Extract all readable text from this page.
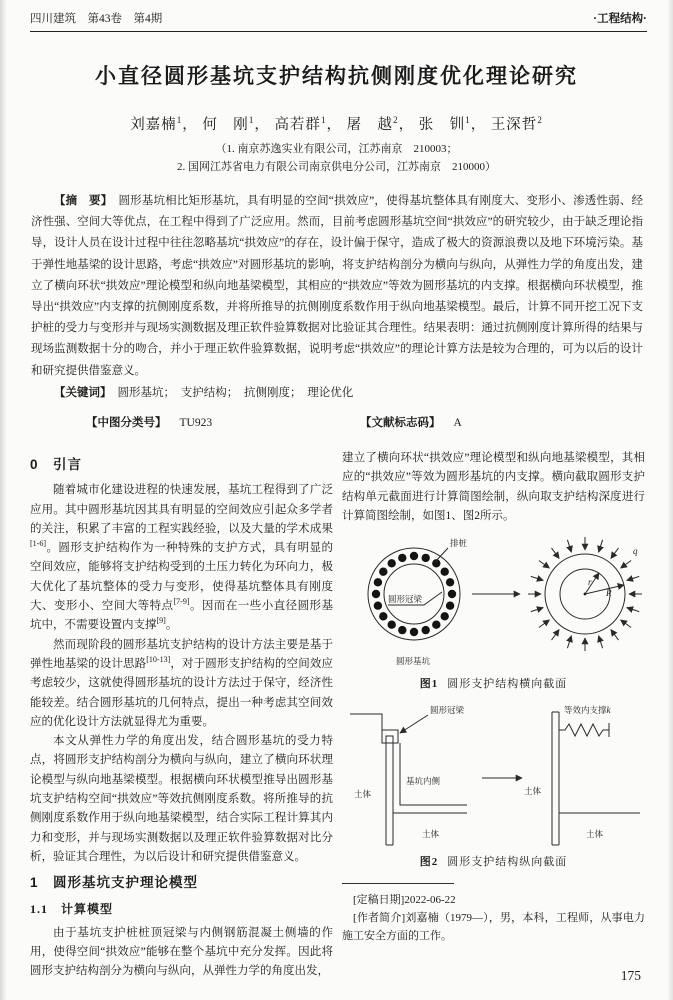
四川建筑　第43卷　第4期	·工程结构·
小直径圆形基坑支护结构抗侧刚度优化理论研究
刘嘉楠$^1$， 何　刚$^1$， 高若群$^1$， 屠　越$^2$， 张　钏$^1$， 王深哲$^2$
（1. 南京苏逸实业有限公司，江苏南京　210003；
2. 国网江苏省电力有限公司南京供电分公司，江苏南京　210000）

【摘　要】 圆形基坑相比矩形基坑，具有明显的空间“拱效应”，使得基坑整体具有刚度大、变形小、渗透性弱、经济性强、空间大等优点，在工程中得到了广泛应用。然而，目前考虑圆形基坑空间“拱效应”的研究较少，由于缺乏理论指导，设计人员在设计过程中往往忽略基坑“拱效应”的存在，设计偏于保守，造成了极大的资源浪费以及地下环境污染。基于弹性地基梁的设计思路，考虑“拱效应”对圆形基坑的影响，将支护结构剖分为横向与纵向，从弹性力学的角度出发，建立了横向环状“拱效应”理论模型和纵向地基梁模型，其相应的“拱效应”等效为圆形基坑的内支撑。根据横向环状模型，推导出“拱效应”内支撑的抗侧刚度系数，并将所推导的抗侧刚度系数作用于纵向地基梁模型。最后，计算不同开挖工况下支护桩的受力与变形并与现场实测数据及理正软件验算数据对比验证其合理性。结果表明：通过抗侧刚度计算所得的结果与现场监测数据十分的吻合，并小于理正软件验算数据，说明考虑“拱效应”的理论计算方法是较为合理的，可为以后的设计和研究提供借鉴意义。

【关键词】 圆形基坑；　支护结构；　抗侧刚度；　理论优化

【中图分类号】 TU923	【文献标志码】 A
0　引言

随着城市化建设进程的快速发展，基坑工程得到了广泛应用。其中圆形基坑因其具有明显的空间效应引起众多学者的关注，积累了丰富的工程实践经验，以及大量的学术成果[1-6]。圆形支护结构作为一种特殊的支护方式，具有明显的空间效应，能够将支护结构受到的土压力转化为环向力，极大优化了基坑整体的受力与变形，使得基坑整体具有刚度大、变形小、空间大等特点[7-9]。因而在一些小直径圆形基坑中，不需要设置内支撑[9]。

然而现阶段的圆形基坑支护结构的设计方法主要是基于弹性地基梁的设计思路[10-13]，对于圆形支护结构的空间效应考虑较少，这就使得圆形基坑的设计方法过于保守，经济性能较差。结合圆形基坑的几何特点，提出一种考虑其空间效应的优化设计方法就显得尤为重要。

本文从弹性力学的角度出发，结合圆形基坑的受力特点，将圆形支护结构剖分为横向与纵向，建立了横向环状理论模型与纵向地基梁模型。根据横向环状模型推导出圆形基坑支护结构空间“拱效应”等效抗侧刚度系数。将所推导的抗侧刚度系数作用于纵向地基梁模型，结合实际工程计算其内力和变形，并与现场实测数据以及理正软件验算数据对比分析，验证其合理性，为以后设计和研究提供借鉴意义。

1　圆形基坑支护理论模型
1.1　计算模型

由于基坑支护桩桩顶冠梁与内侧钢筋混凝土侧墙的作用，使得空间“拱效应”能够在整个基坑中充分发挥。因此将圆形支护结构剖分为横向与纵向，从弹性力学的角度出发，

建立了横向环状“拱效应”理论模型和纵向地基梁模型，其相应的“拱效应”等效为圆形基坑的内支撑。横向截取圆形支护结构单元截面进行计算简图绘制，纵向取支护结构深度进行计算简图绘制，如图1、图2所示。

排桩
圆形冠梁
圆形基坑
r
R
q
图1 圆形支护结构横向截面
圆形冠梁
基坑内侧
土体
土体
等效内支撑k
土体
土体
图2 圆形支护结构纵向截面

[定稿日期]2022-06-22

[作者简介]刘嘉楠（1979—），男，本科，工程师，从事电力施工安全方面的工作。

175
